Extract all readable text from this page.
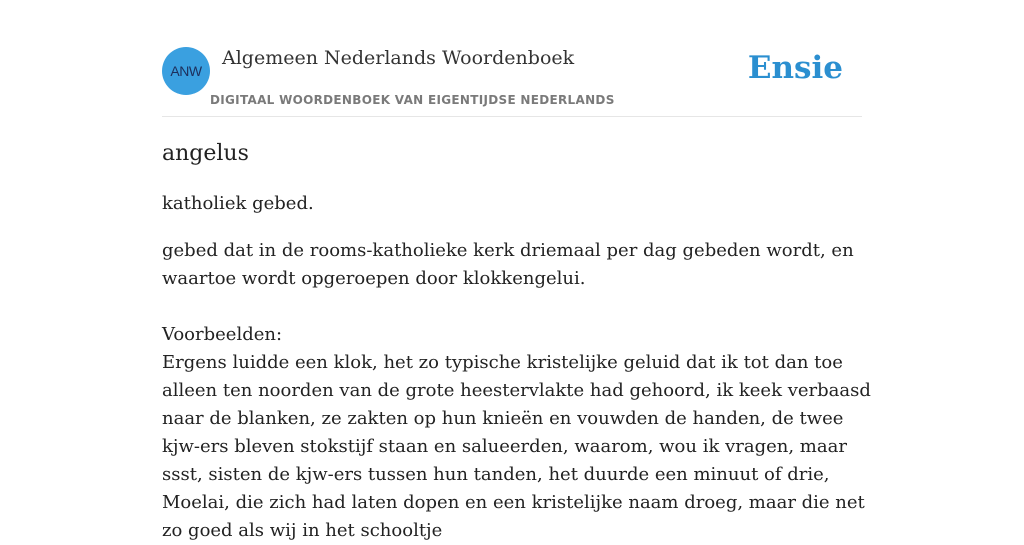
ANW
Algemeen Nederlands Woordenboek
DIGITAAL WOORDENBOEK VAN EIGENTIJDSE NEDERLANDS
Ensie
angelus

katholiek gebed.

gebed dat in de rooms-katholieke kerk driemaal per dag gebeden wordt, en waartoe wordt opgeroepen door klokkengelui.

Voorbeelden:

Ergens luidde een klok, het zo typische kristelijke geluid dat ik tot dan toe alleen ten noorden van de grote heestervlakte had gehoord, ik keek verbaasd naar de blanken, ze zakten op hun knieën en vouwden de handen, de twee kjw-ers bleven stokstijf staan en salueerden, waarom, wou ik vragen, maar ssst, sisten de kjw-ers tussen hun tanden, het duurde een minuut of drie, Moelai, die zich had laten dopen en een kristelijke naam droeg, maar die net zo goed als wij in het schooltje
